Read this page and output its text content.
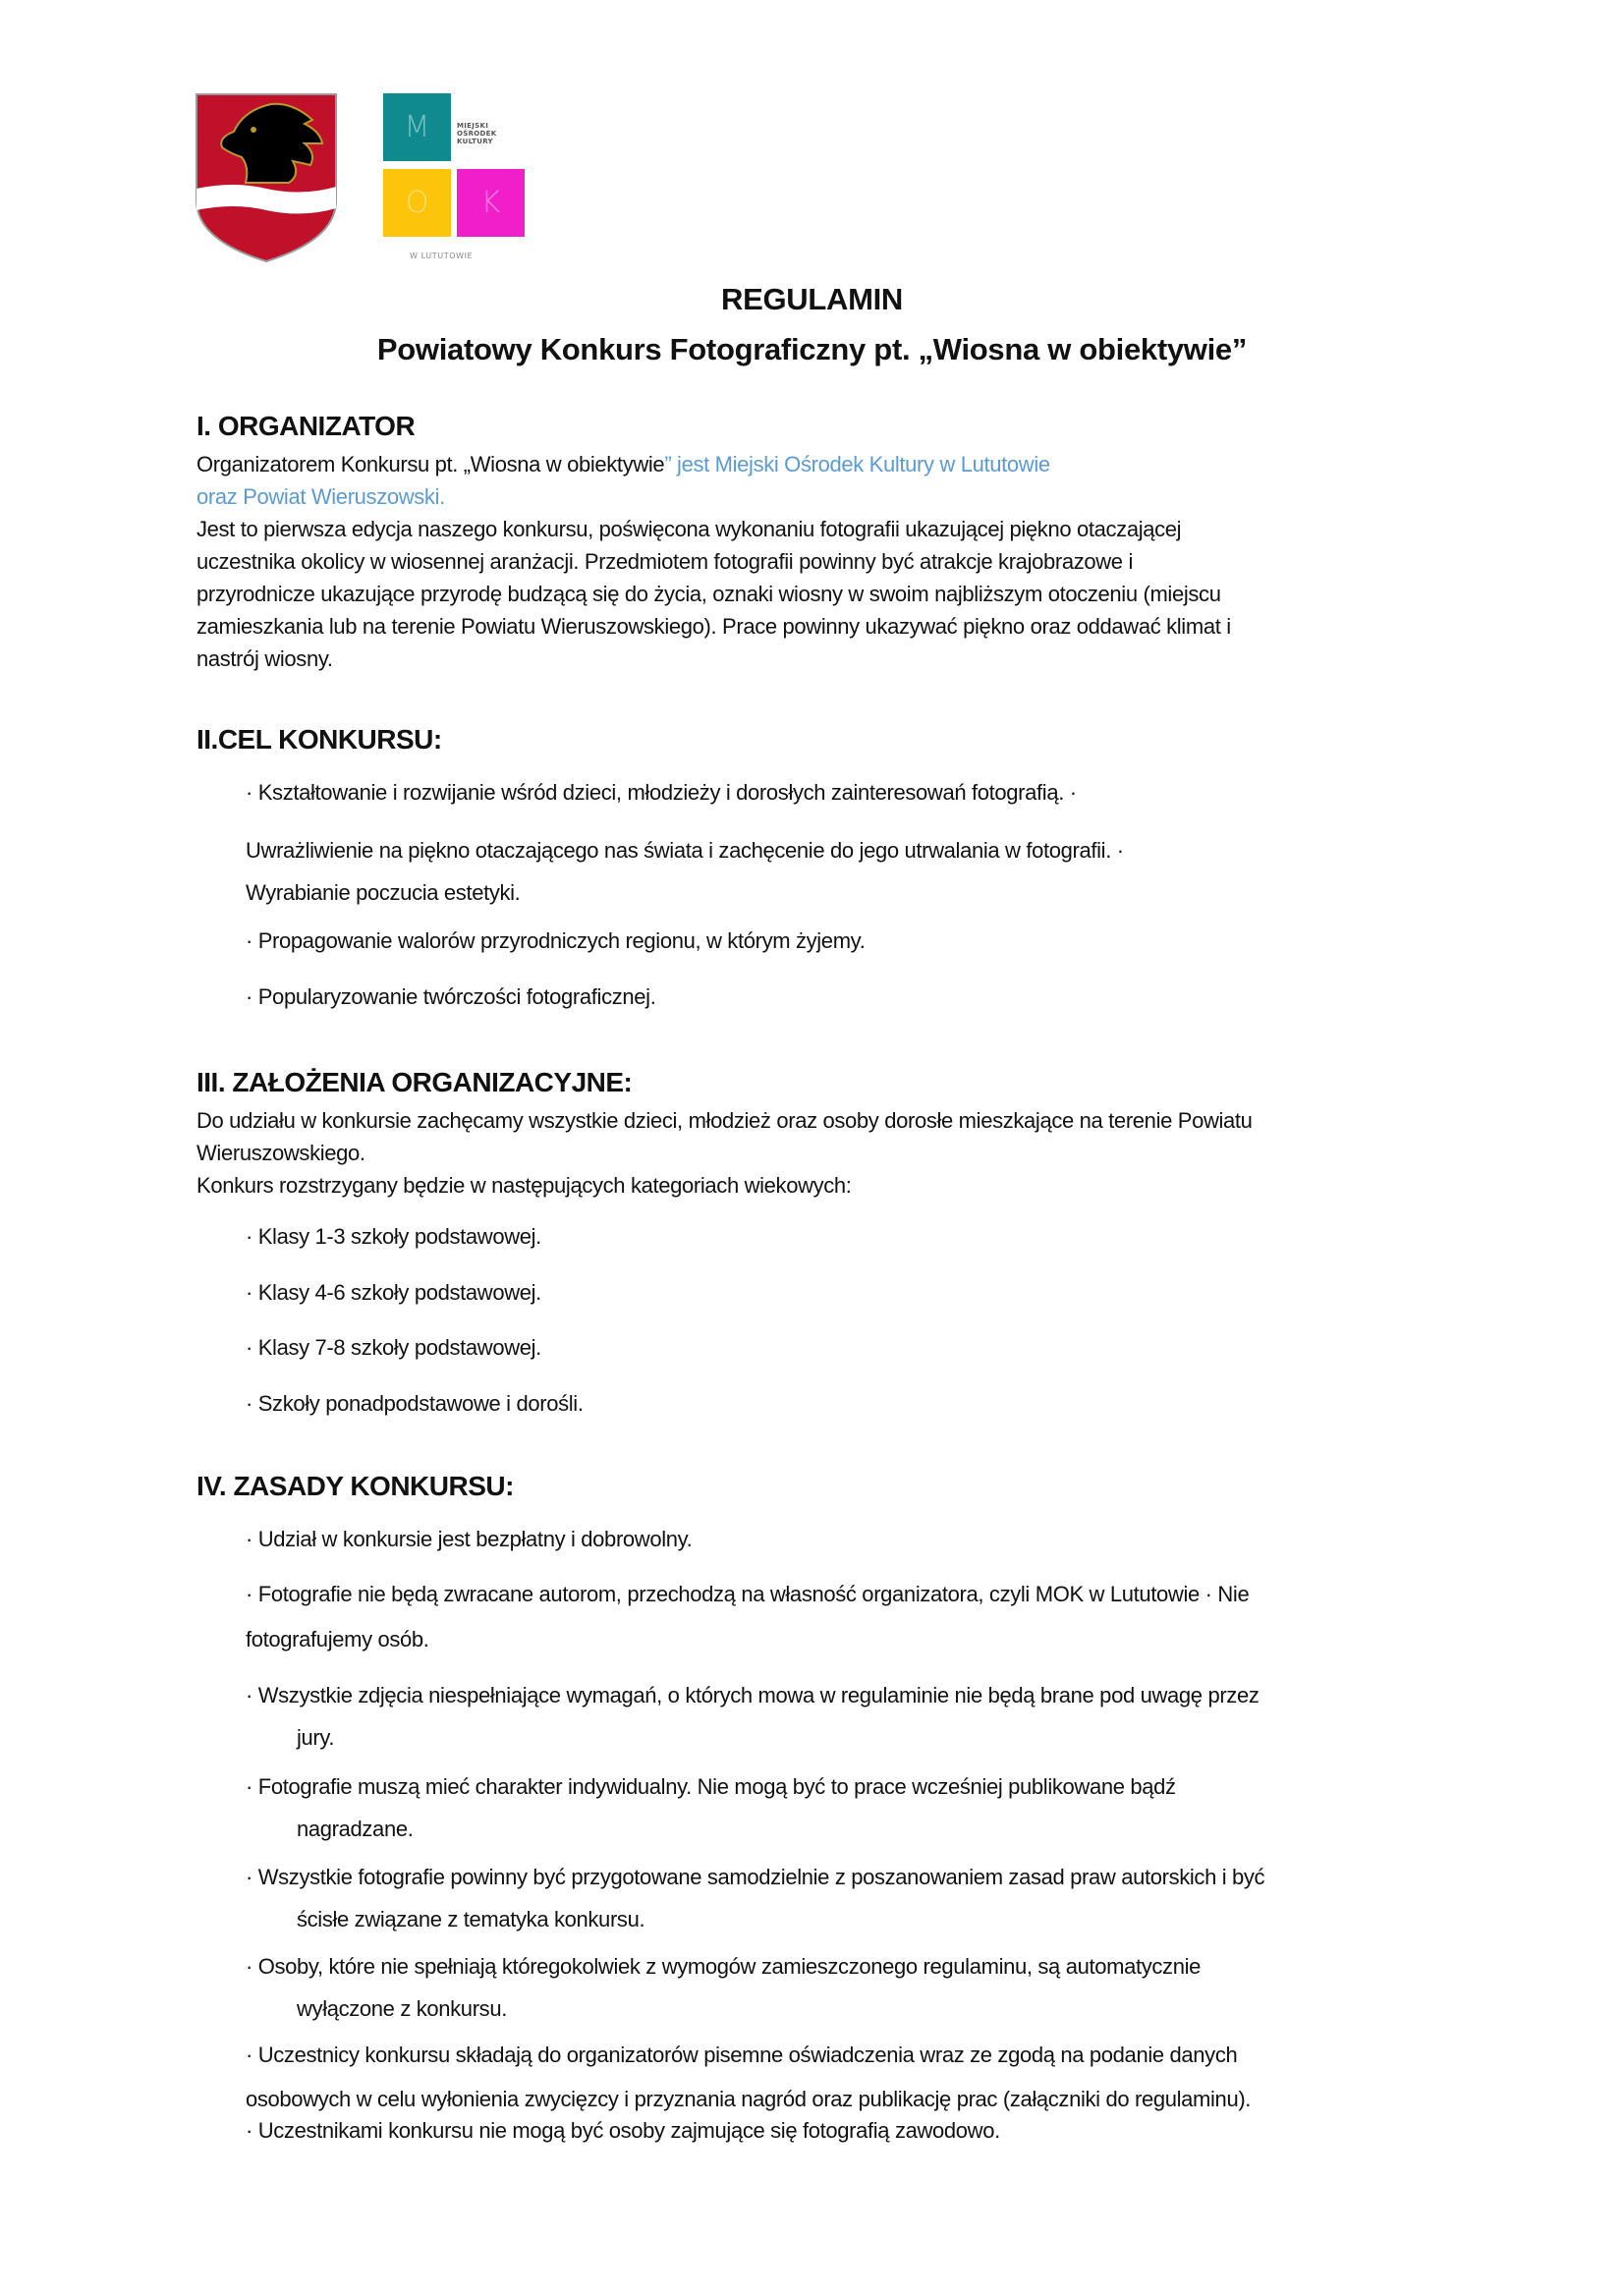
M	MIEJSKI
OŚRODEK
KULTURY
O	K
W LUTUTOWIE
REGULAMIN
Powiatowy Konkurs Fotograficzny pt. „Wiosna w obiektywie”
I. ORGANIZATOR
Organizatorem Konkursu pt. „Wiosna w obiektywie” jest Miejski Ośrodek Kultury w Lututowie
oraz Powiat Wieruszowski.
Jest to pierwsza edycja naszego konkursu, poświęcona wykonaniu fotografii ukazującej piękno otaczającej
uczestnika okolicy w wiosennej aranżacji. Przedmiotem fotografii powinny być atrakcje krajobrazowe i
przyrodnicze ukazujące przyrodę budzącą się do życia, oznaki wiosny w swoim najbliższym otoczeniu (miejscu
zamieszkania lub na terenie Powiatu Wieruszowskiego). Prace powinny ukazywać piękno oraz oddawać klimat i
nastrój wiosny.
II.CEL KONKURSU:
· Kształtowanie i rozwijanie wśród dzieci, młodzieży i dorosłych zainteresowań fotografią. ·
Uwrażliwienie na piękno otaczającego nas świata i zachęcenie do jego utrwalania w fotografii. ·
Wyrabianie poczucia estetyki.
· Propagowanie walorów przyrodniczych regionu, w którym żyjemy.
· Popularyzowanie twórczości fotograficznej.
III. ZAŁOŻENIA ORGANIZACYJNE:
Do udziału w konkursie zachęcamy wszystkie dzieci, młodzież oraz osoby dorosłe mieszkające na terenie Powiatu
Wieruszowskiego.
Konkurs rozstrzygany będzie w następujących kategoriach wiekowych:
· Klasy 1-3 szkoły podstawowej.
· Klasy 4-6 szkoły podstawowej.
· Klasy 7-8 szkoły podstawowej.
· Szkoły ponadpodstawowe i dorośli.
IV. ZASADY KONKURSU:
· Udział w konkursie jest bezpłatny i dobrowolny.
· Fotografie nie będą zwracane autorom, przechodzą na własność organizatora, czyli MOK w Lututowie · Nie
fotografujemy osób.
· Wszystkie zdjęcia niespełniające wymagań, o których mowa w regulaminie nie będą brane pod uwagę przez
jury.
· Fotografie muszą mieć charakter indywidualny. Nie mogą być to prace wcześniej publikowane bądź
nagradzane.
· Wszystkie fotografie powinny być przygotowane samodzielnie z poszanowaniem zasad praw autorskich i być
ścisłe związane z tematyka konkursu.
· Osoby, które nie spełniają któregokolwiek z wymogów zamieszczonego regulaminu, są automatycznie
wyłączone z konkursu.
· Uczestnicy konkursu składają do organizatorów pisemne oświadczenia wraz ze zgodą na podanie danych
osobowych w celu wyłonienia zwycięzcy i przyznania nagród oraz publikację prac (załączniki do regulaminu).
· Uczestnikami konkursu nie mogą być osoby zajmujące się fotografią zawodowo.
